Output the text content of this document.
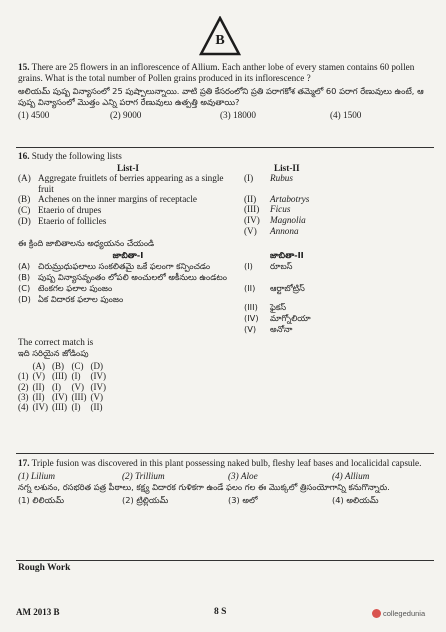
B
15. There are 25 flowers in an inflorescence of Allium. Each anther lobe of every stamen contains 60 pollen grains. What is the total number of Pollen grains produced in its inflorescence ?
అలియమ్ పుష్ప విన్యాసంలో 25 పుష్పాలున్నాయి. వాటి ప్రతి కేసరంలోని ప్రతి పరాగకోశ తమ్మెలో 60 పరాగ రేణువులు ఉంటే, ఆ పుష్ప విన్యాసంలో మొత్తం ఎన్ని పరాగ రేణువులు ఉత్పత్తి అవుతాయి?
(1) 4500	(2) 9000	(3) 18000	(4) 1500
16. Study the following lists
List-I
(A) Aggregate fruitlets of berries appearing as a single fruit
(B) Achenes on the inner margins of receptacle
(C) Etaerio of drupes
(D) Etaerio of follicles
List-II
(I)	Rubus
(II)	Artabotrys
(III)	Ficus
(IV)	Magnolia
(V)	Annona
ఈ క్రింది జాబితాలను అధ్యయనం చేయండి
జాబితా-I
(A) చిరుమ్రుధుఫలాలు సంకలితమై ఒకే ఫలంగా కన్పించడం
(B) పుష్ప విన్యాసవృంతం లోపలి అంచులలో అకీనులు ఉండటం
(C) టెంకగల ఫలాల పుంజం
(D) ఏక విదారక ఫలాల పుంజం
జాబితా-II
(I)	రూబస్
(II)	ఆర్టాబోట్రిస్
(III)	ఫైకస్
(IV)	మాగ్నోలియా
(V)	అనోనా
The correct match is
ఇది సరియైన జోడింపు
	(A)	(B)	(C)	(D)
(1)	(V)	(III)	(I)	(IV)
(2)	(II)	(I)	(V)	(IV)
(3)	(II)	(IV)	(III)	(V)
(4)	(IV)	(III)	(I)	(II)
17. Triple fusion was discovered in this plant possessing naked bulb, fleshy leaf bases and localicidal capsule.
(1) Lilium	(2) Trillium	(3) Aloe	(4) Allium
నగ్న లశునం, రసభరిత పత్ర పీఠాలు, కక్ష్య విదారక గుళికగా ఉండే ఫలం గల ఈ మొక్కలో త్రిసంయోగాన్ని కనుగొన్నారు.
(1) లిలియమ్	(2) ట్రిల్లియమ్	(3) అలో	(4) అలియమ్
Rough Work
AM 2013 B	8 S	collegedunia
